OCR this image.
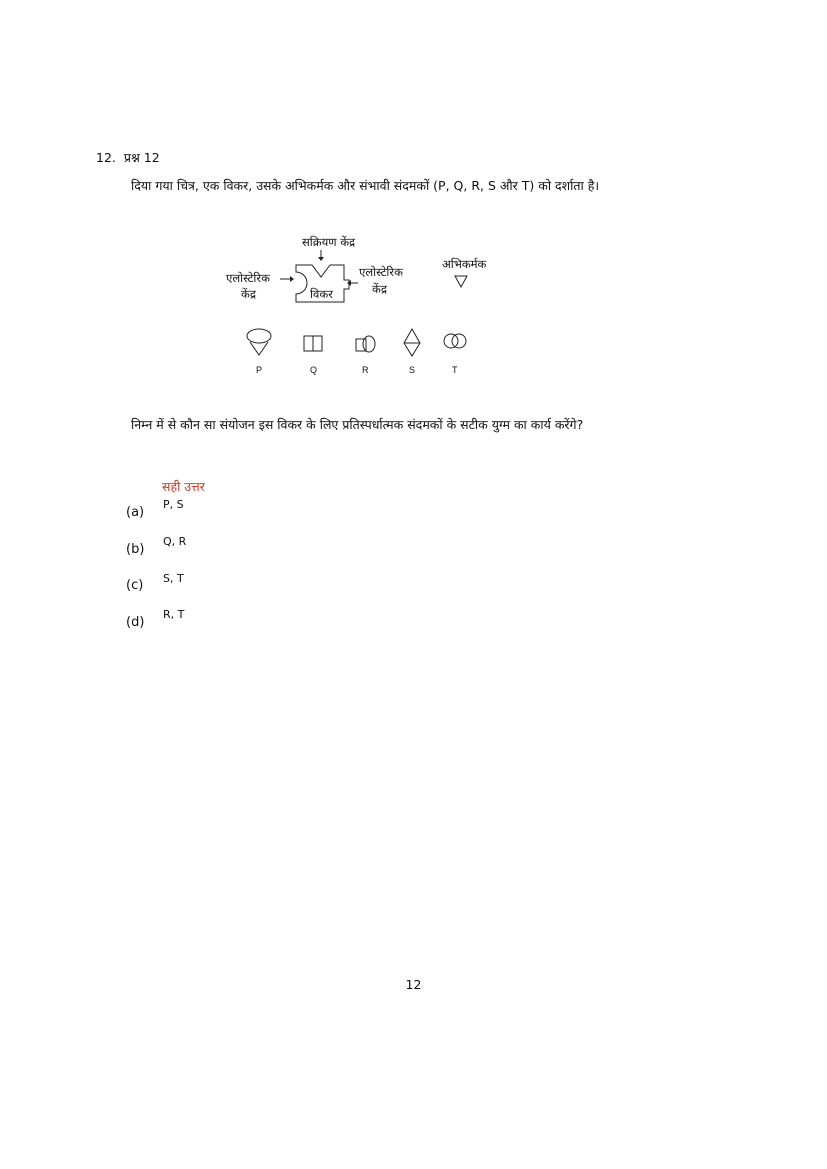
12. प्रश्न 12
दिया गया चित्र, एक विकर, उसके अभिकर्मक और संभावी संदमकों (P, Q, R, S और T) को दर्शाता है।
सक्रियण केंद्र
विकर
एलोस्टेरिक
केंद्र
एलोस्टेरिक
केंद्र
अभिकर्मक
P	Q	R	S	T
निम्न में से कौन सा संयोजन इस विकर के लिए प्रतिस्पर्धात्मक संदमकों के सटीक युग्म का कार्य करेंगे?
सही उत्तर
(a)
P, S
(b)
Q, R
(c) S, T
(d)
R, T
12
